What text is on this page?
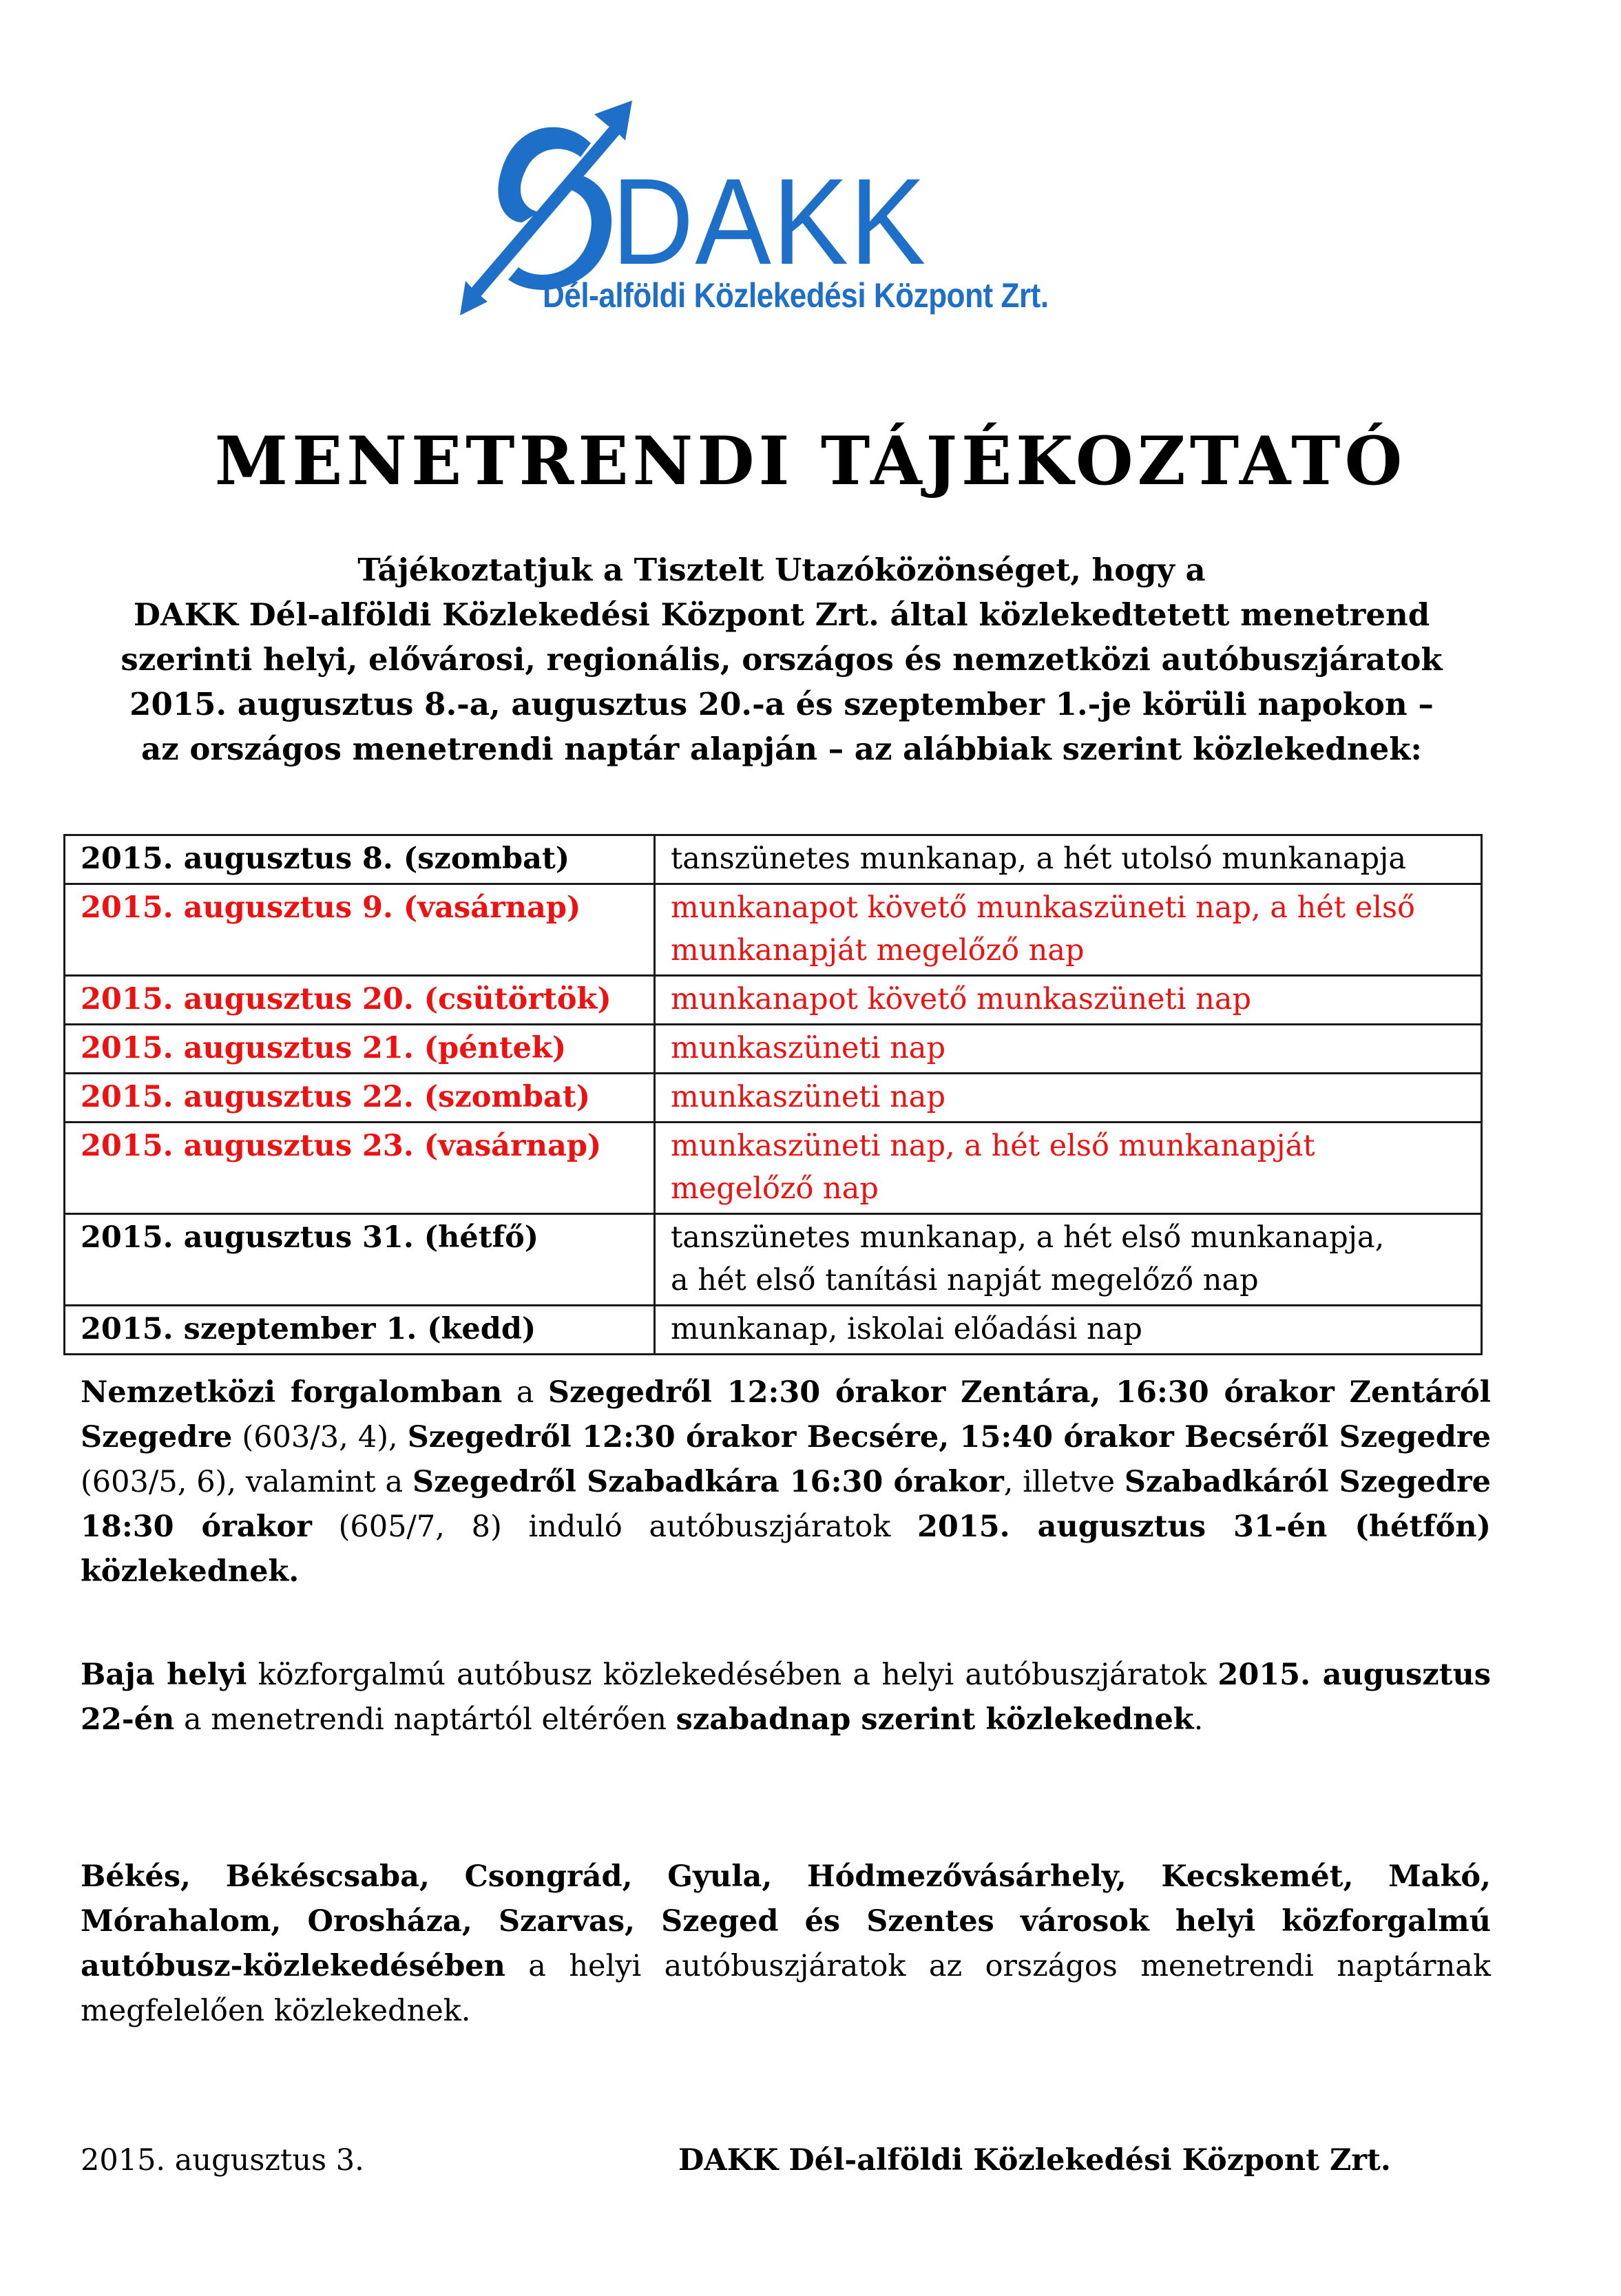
DAKK
Dél-alföldi Közlekedési Központ Zrt.
MENETRENDI TÁJÉKOZTATÓ
Tájékoztatjuk a Tisztelt Utazóközönséget, hogy a
DAKK Dél-alföldi Közlekedési Központ Zrt. által közlekedtetett menetrend
szerinti helyi, elővárosi, regionális, országos és nemzetközi autóbuszjáratok
2015. augusztus 8.-a, augusztus 20.-a és szeptember 1.-je körüli napokon –
az országos menetrendi naptár alapján – az alábbiak szerint közlekednek:
2015. augusztus 8. (szombat)	tanszünetes munkanap, a hét utolsó munkanapja
2015. augusztus 9. (vasárnap)	munkanapot követő munkaszüneti nap, a hét első munkanapját megelőző nap
2015. augusztus 20. (csütörtök)	munkanapot követő munkaszüneti nap
2015. augusztus 21. (péntek)	munkaszüneti nap
2015. augusztus 22. (szombat)	munkaszüneti nap
2015. augusztus 23. (vasárnap)	munkaszüneti nap, a hét első munkanapját megelőző nap
2015. augusztus 31. (hétfő)	tanszünetes munkanap, a hét első munkanapja,
a hét első tanítási napját megelőző nap

2015. szeptember 1. (kedd)	munkanap, iskolai előadási nap
Nemzetközi forgalomban a Szegedről 12:30 órakor Zentára, 16:30 órakor Zentáról Szegedre (603/3, 4), Szegedről 12:30 órakor Becsére, 15:40 órakor Becséről Szegedre (603/5, 6), valamint a Szegedről Szabadkára 16:30 órakor, illetve Szabadkáról Szegedre 18:30 órakor (605/7, 8) induló autóbuszjáratok 2015. augusztus 31-én (hétfőn) közlekednek.
Baja helyi közforgalmú autóbusz közlekedésében a helyi autóbuszjáratok 2015. augusztus 22-én a menetrendi naptártól eltérően szabadnap szerint közlekednek.
Békés, Békéscsaba, Csongrád, Gyula, Hódmezővásárhely, Kecskemét, Makó, Mórahalom, Orosháza, Szarvas, Szeged és Szentes városok helyi közforgalmú autóbusz-közlekedésében a helyi autóbuszjáratok az országos menetrendi naptárnak megfelelően közlekednek.
2015. augusztus 3.	DAKK Dél-alföldi Közlekedési Központ Zrt.
